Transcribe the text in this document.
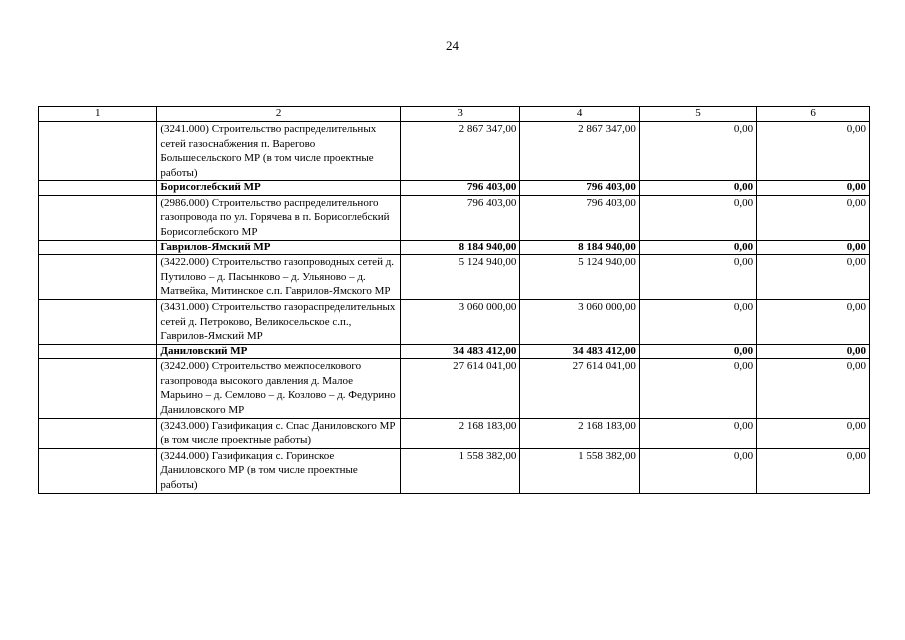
24
1	2	3	4	5	6
	(3241.000) Строительство распределительных сетей газоснабжения п. Варегово Большесельского МР (в том числе проектные работы)	2 867 347,00	2 867 347,00	0,00	0,00
	Борисоглебский МР	796 403,00	796 403,00	0,00	0,00
	(2986.000) Строительство распределительного газопровода по ул. Горячева в п. Борисоглебский Борисоглебского МР	796 403,00	796 403,00	0,00	0,00
	Гаврилов-Ямский МР	8 184 940,00	8 184 940,00	0,00	0,00
	(3422.000) Строительство газопроводных сетей д. Путилово – д. Пасынково – д. Ульяново – д. Матвейка, Митинское с.п. Гаврилов-Ямского МР	5 124 940,00	5 124 940,00	0,00	0,00
	(3431.000) Строительство газораспределительных сетей д. Петроково, Великосельское с.п., Гаврилов-Ямский МР	3 060 000,00	3 060 000,00	0,00	0,00
	Даниловский МР	34 483 412,00	34 483 412,00	0,00	0,00
	(3242.000) Строительство межпоселкового газопровода высокого давления д. Малое Марьино – д. Семлово – д. Козлово – д. Федурино Даниловского МР	27 614 041,00	27 614 041,00	0,00	0,00
	(3243.000) Газификация с. Спас Даниловского МР (в том числе проектные работы)	2 168 183,00	2 168 183,00	0,00	0,00
	(3244.000) Газификация с. Горинское Даниловского МР (в том числе проектные работы)	1 558 382,00	1 558 382,00	0,00	0,00
